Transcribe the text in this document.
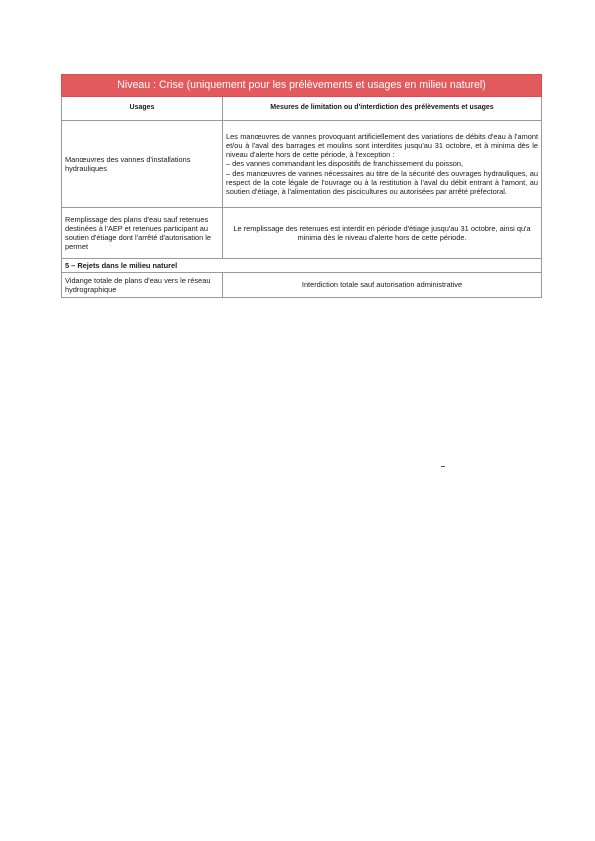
Niveau : Crise (uniquement pour les prélèvements et usages en milieu naturel)	
Usages	Mesures de limitation ou d'interdiction des prélèvements et usages
Manœuvres des vannes d'installations hydrauliques	Les manœuvres de vannes provoquant artificiellement des variations de débits d'eau à l'amont et/ou à l'aval des barrages et moulins sont interdites jusqu'au 31 octobre, et à minima dès le niveau d'alerte hors de cette période, à l'exception :
– des vannes commandant les dispositifs de franchissement du poisson,
– des manœuvres de vannes nécessaires au titre de la sécurité des ouvrages hydrauliques, au respect de la cote légale de l'ouvrage ou à la restitution à l'aval du débit entrant à l'amont, au soutien d'étiage, à l'alimentation des piscicultures ou autorisées par arrêté préfectoral.

Remplissage des plans d'eau sauf retenues destinées à l'AEP et retenues participant au soutien d'étiage dont l'arrêté d'autorisation le permet	Le remplissage des retenues est interdit en période d'étiage jusqu'au 31 octobre, ainsi qu'a minima dès le niveau d'alerte hors de cette période.
5 – Rejets dans le milieu naturel	
Vidange totale de plans d'eau vers le réseau hydrographique	Interdiction totale sauf autorisation administrative
